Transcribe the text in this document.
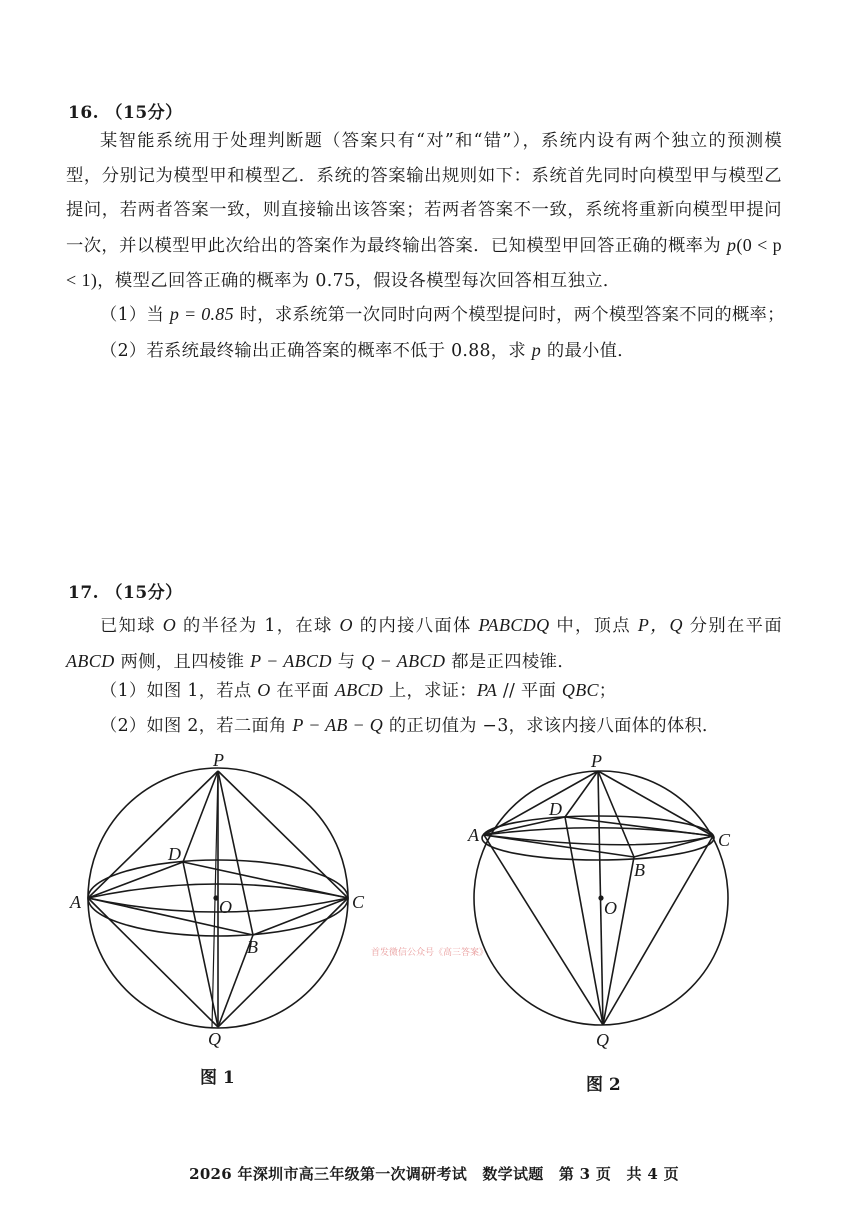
16. （15分）
某智能系统用于处理判断题（答案只有“对”和“错”），系统内设有两个独立的预测模型，分别记为模型甲和模型乙．系统的答案输出规则如下：系统首先同时向模型甲与模型乙提问，若两者答案一致，则直接输出该答案；若两者答案不一致，系统将重新向模型甲提问一次，并以模型甲此次给出的答案作为最终输出答案．已知模型甲回答正确的概率为 p(0 < p < 1)，模型乙回答正确的概率为 0.75，假设各模型每次回答相互独立．
（1）当 p = 0.85 时，求系统第一次同时向两个模型提问时，两个模型答案不同的概率；
（2）若系统最终输出正确答案的概率不低于 0.88，求 p 的最小值．
17. （15分）
已知球 O 的半径为 1，在球 O 的内接八面体 PABCDQ 中，顶点 P，Q 分别在平面 ABCD 两侧，且四棱锥 P − ABCD 与 Q − ABCD 都是正四棱锥．
（1）如图 1，若点 O 在平面 ABCD 上，求证：PA // 平面 QBC；
（2）如图 2，若二面角 P − AB − Q 的正切值为 −3，求该内接八面体的体积．
P
A	C
D
B
O
Q
P
A	C
D
B
O
Q
图 1	图 2
首发微信公众号《高三答案》
2026 年深圳市高三年级第一次调研考试　数学试题　第 3 页　共 4 页
